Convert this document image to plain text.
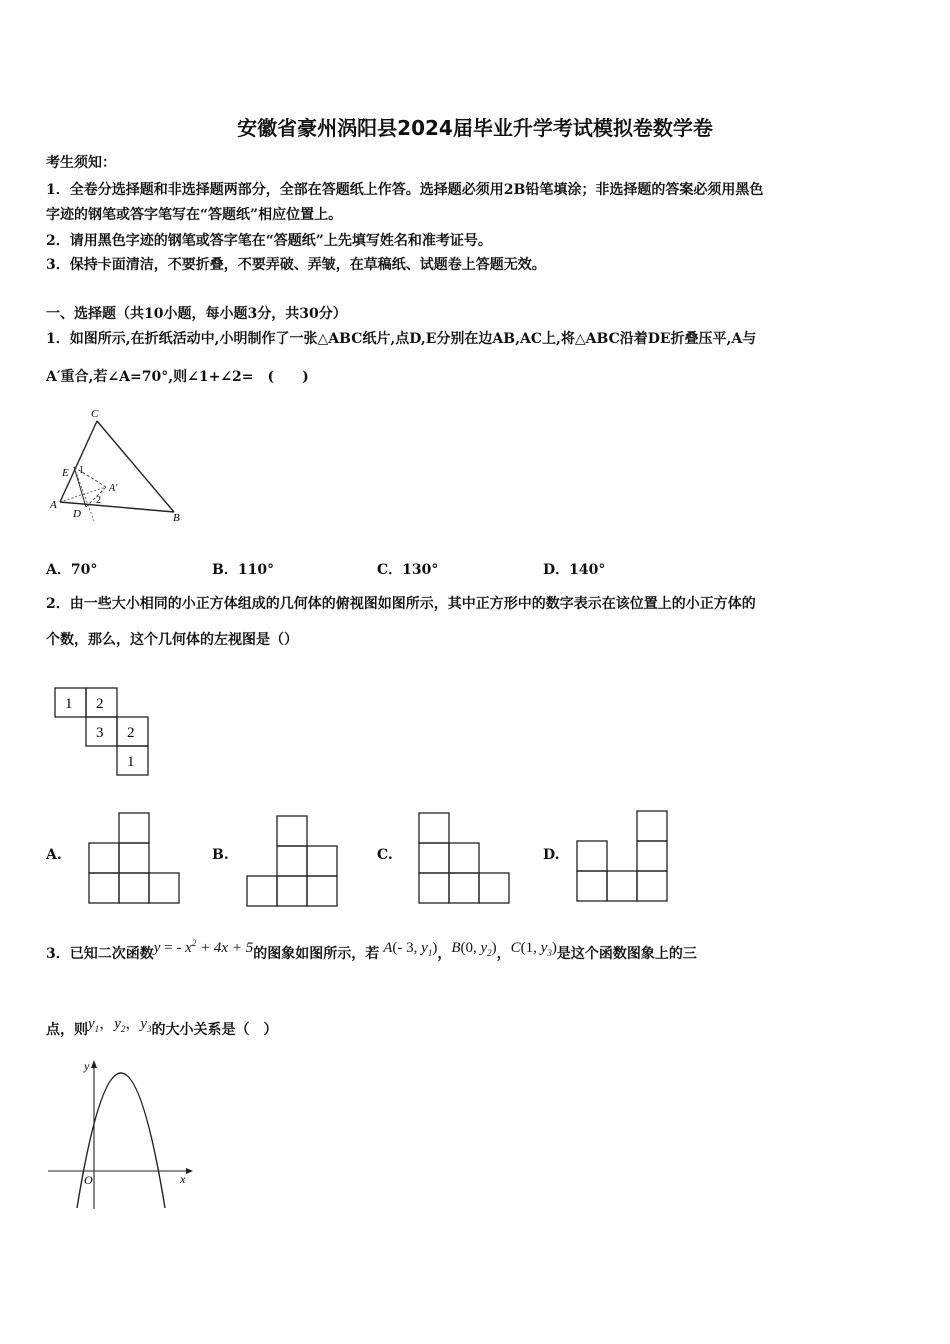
安徽省豪州涡阳县2024届毕业升学考试模拟卷数学卷
考生须知：
1．全卷分选择题和非选择题两部分，全部在答题纸上作答。选择题必须用2B铅笔填涂；非选择题的答案必须用黑色
字迹的钢笔或答字笔写在“答题纸”相应位置上。
2．请用黑色字迹的钢笔或答字笔在“答题纸”上先填写姓名和准考证号。
3．保持卡面清洁，不要折叠，不要弄破、弄皱，在草稿纸、试题卷上答题无效。
一、选择题（共10小题，每小题3分，共30分）
1．如图所示,在折纸活动中,小明制作了一张△ABC纸片,点D,E分别在边AB,AC上,将△ABC沿着DE折叠压平,A与
A′重合,若∠A=70°,则∠1+∠2=　(　　)
C
E 1
A′
A
D
2
B
A．70°	B．110°	C．130°	D．140°
2．由一些大小相同的小正方体组成的几何体的俯视图如图所示，其中正方形中的数字表示在该位置上的小正方体的
个数，那么，这个几何体的左视图是（）
1 2
3 2
1
A.	B.	C.	D.
3．已知二次函数y = - $x^2 + 4x + 5$的图象如图所示，若 A(- 3, $y_1$)，B(0, $y_2$)，C(1, $y_3$)是这个函数图象上的三
点，则$y_1$，$y_2$，$y_3$的大小关系是（　）
y
x
O
